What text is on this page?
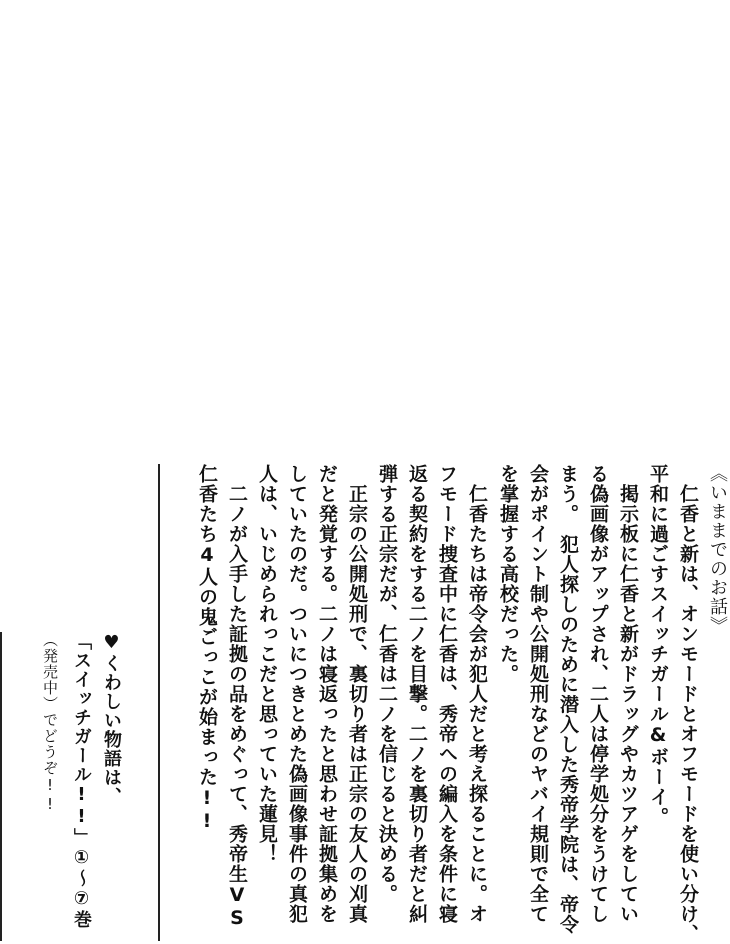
《いままでのお話》
　仁香と新は、オンモードとオフモードを使い分け、
平和に過ごすスイッチガール&ボーイ。
　掲示板に仁香と新がドラッグやカツアゲをしてい
る偽画像がアップされ、二人は停学処分をうけてし
まう。　犯人探しのために潜入した秀帝学院は、帝令
会がポイント制や公開処刑などのヤバイ規則で全て
を掌握する高校だった。
　仁香たちは帝令会が犯人だと考え探ることに。オ
フモード捜査中に仁香は、秀帝への編入を条件に寝
返る契約をする二ノを目撃。二ノを裏切り者だと糾
弾する正宗だが、仁香は二ノを信じると決める。
　正宗の公開処刑で、裏切り者は正宗の友人の刈真
だと発覚する。二ノは寝返ったと思わせ証拠集めを
していたのだ。ついにつきとめた偽画像事件の真犯
人は、いじめられっこだと思っていた蓮見！
　二ノが入手した証拠の品をめぐって、秀帝生VS
仁香たち4人の鬼ごっこが始まった!!
♥くわしい物語は、
「スイッチガール!!」①～⑦巻
（発売中）でどうぞ!!
